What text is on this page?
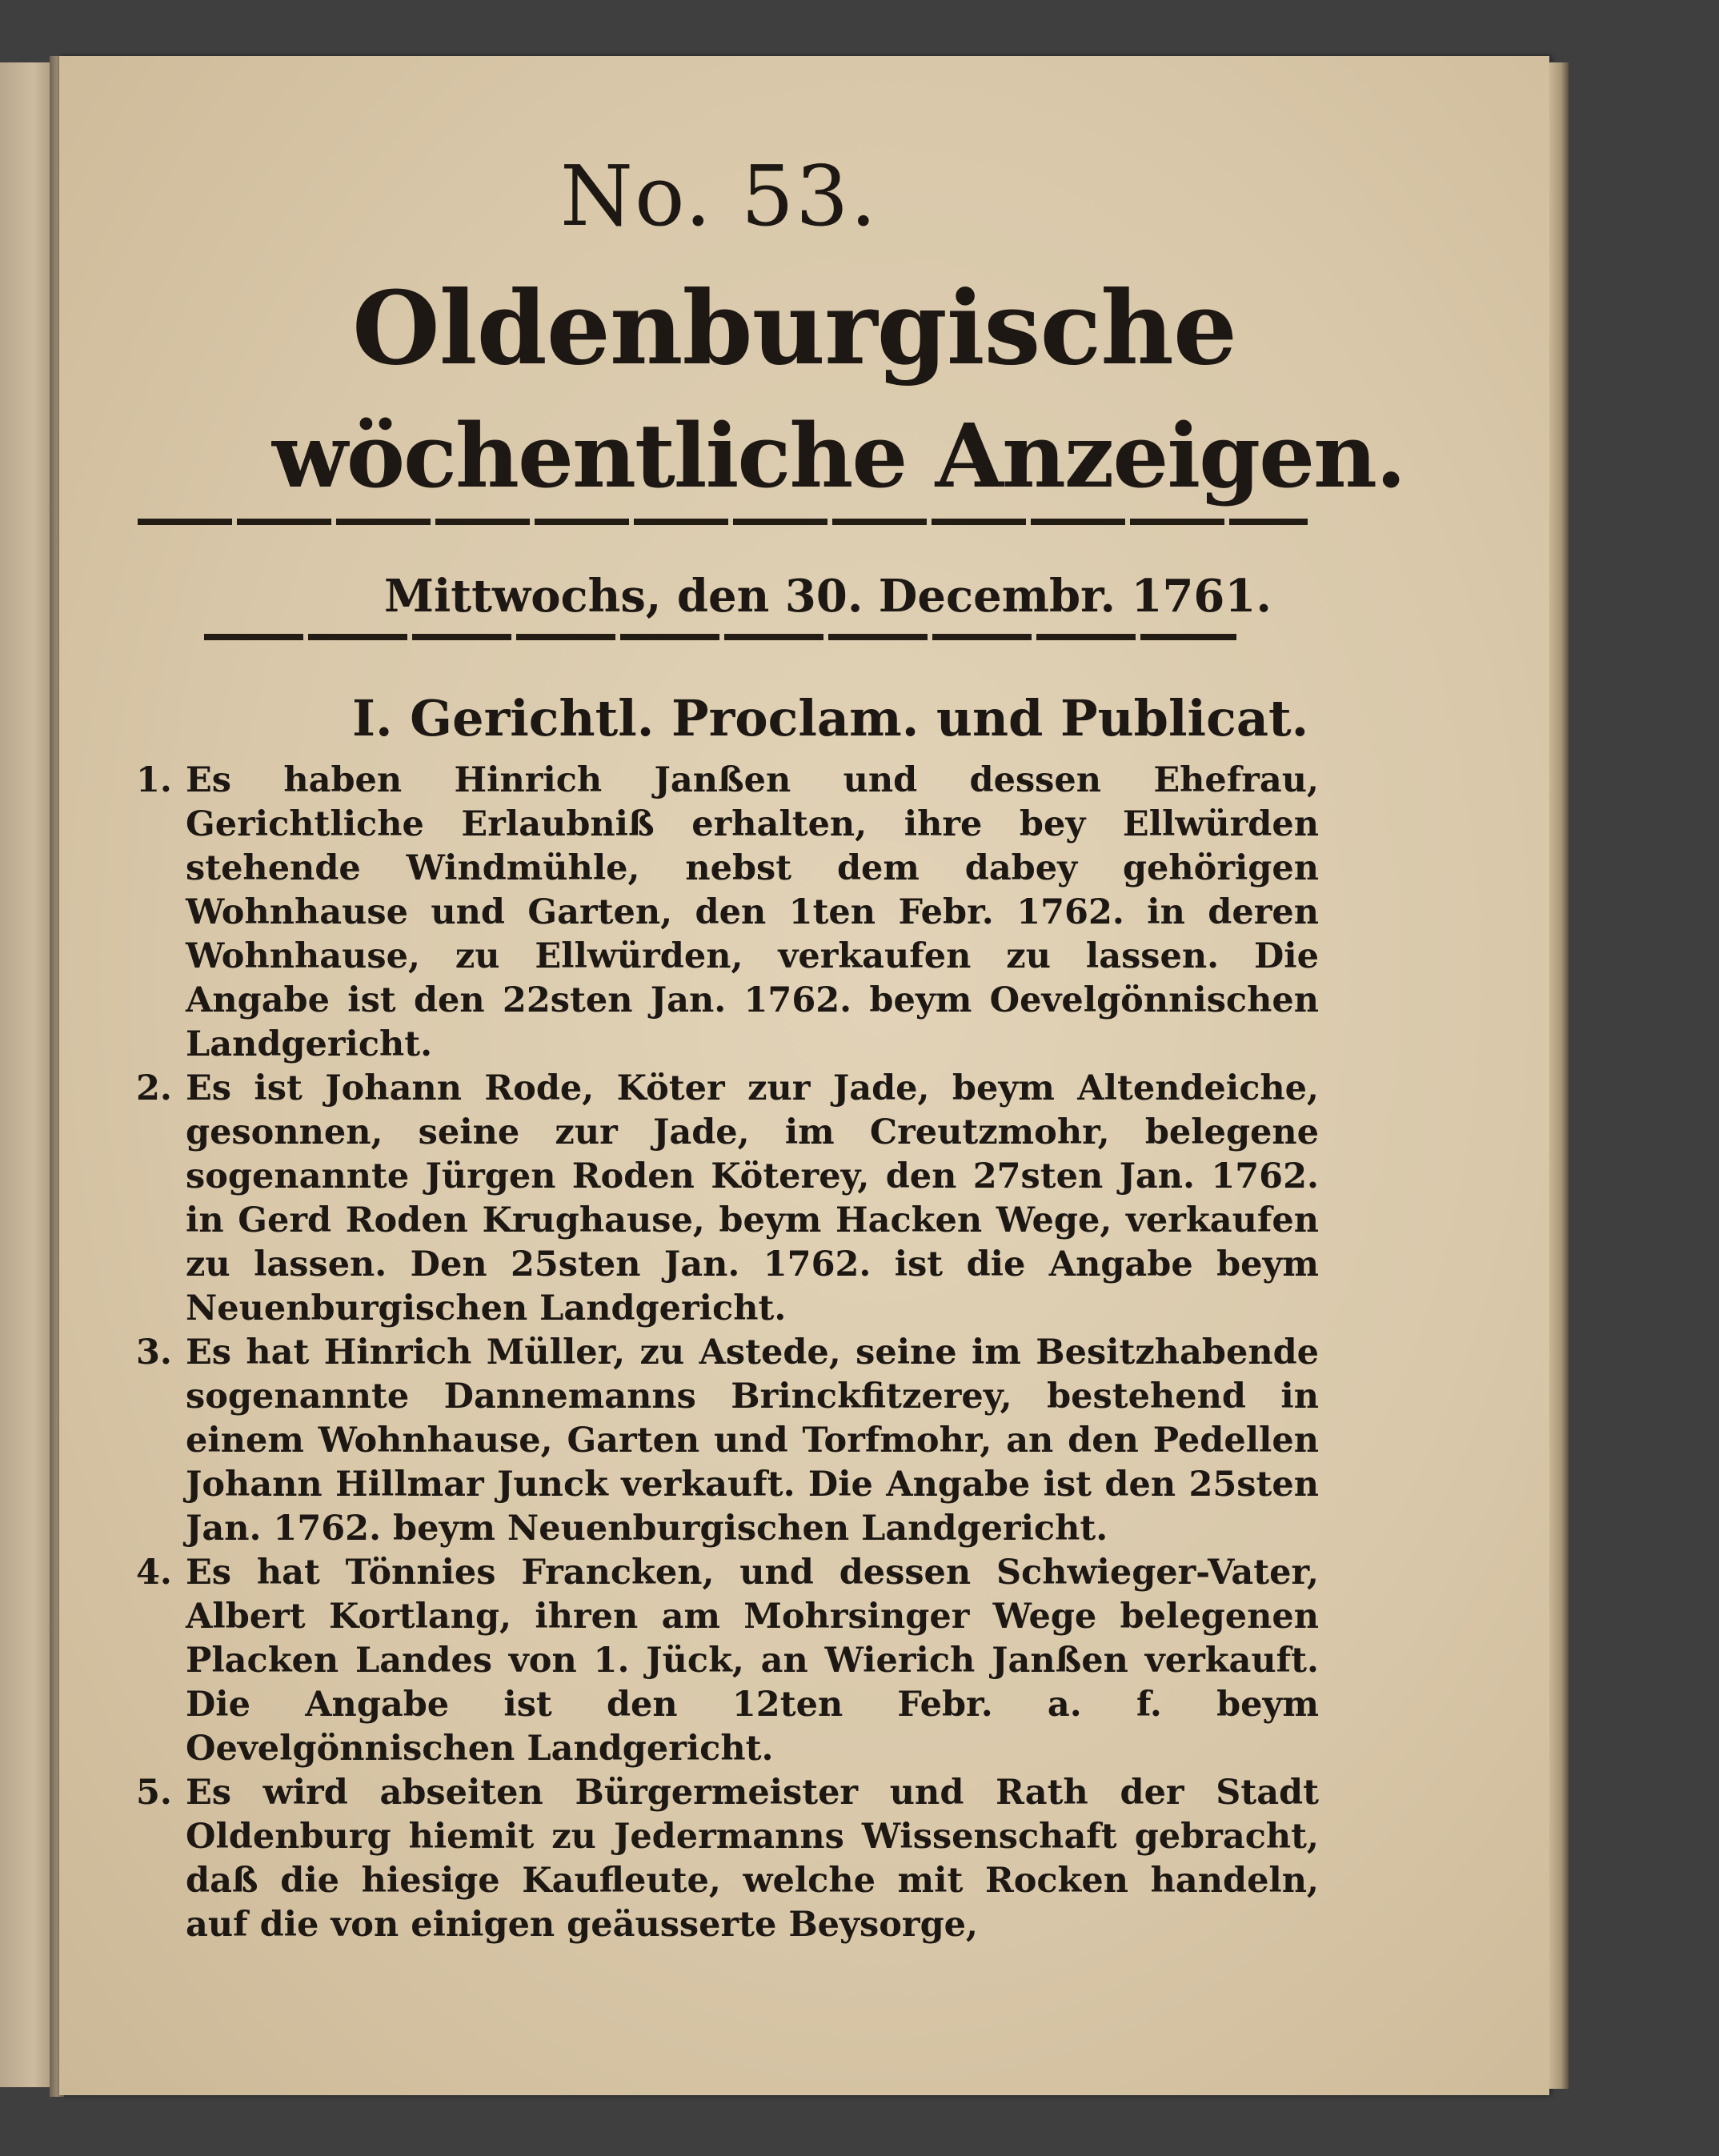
No. 53.
Oldenburgische
wöchentliche Anzeigen.
Mittwochs, den 30. Decembr. 1761.
I. Gerichtl. Proclam. und Publicat.
1. Es haben Hinrich Janßen und dessen Ehefrau, Gerichtliche Erlaubniß erhalten, ihre bey Ellwürden stehende Windmühle, nebst dem dabey gehörigen Wohnhause und Garten, den 1ten Febr. 1762. in deren Wohnhause, zu Ellwürden, verkaufen zu lassen. Die Angabe ist den 22sten Jan. 1762. beym Oevelgönnischen Landgericht.
2. Es ist Johann Rode, Köter zur Jade, beym Altendeiche, gesonnen, seine zur Jade, im Creutzmohr, belegene sogenannte Jürgen Roden Köterey, den 27sten Jan. 1762. in Gerd Roden Krughause, beym Hacken Wege, verkaufen zu lassen. Den 25sten Jan. 1762. ist die Angabe beym Neuenburgischen Landgericht.
3. Es hat Hinrich Müller, zu Astede, seine im Besitzhabende sogenannte Dannemanns Brinckfitzerey, bestehend in einem Wohnhause, Garten und Torfmohr, an den Pedellen Johann Hillmar Junck verkauft. Die Angabe ist den 25sten Jan. 1762. beym Neuenburgischen Landgericht.
4. Es hat Tönnies Francken, und dessen Schwieger-Vater, Albert Kortlang, ihren am Mohrsinger Wege belegenen Placken Landes von 1. Jück, an Wierich Janßen verkauft. Die Angabe ist den 12ten Febr. a. f. beym Oevelgönnischen Landgericht.
5. Es wird abseiten Bürgermeister und Rath der Stadt Oldenburg hiemit zu Jedermanns Wissenschaft gebracht, daß die hiesige Kaufleute, welche mit Rocken handeln, auf die von einigen geäusserte Beysorge,
